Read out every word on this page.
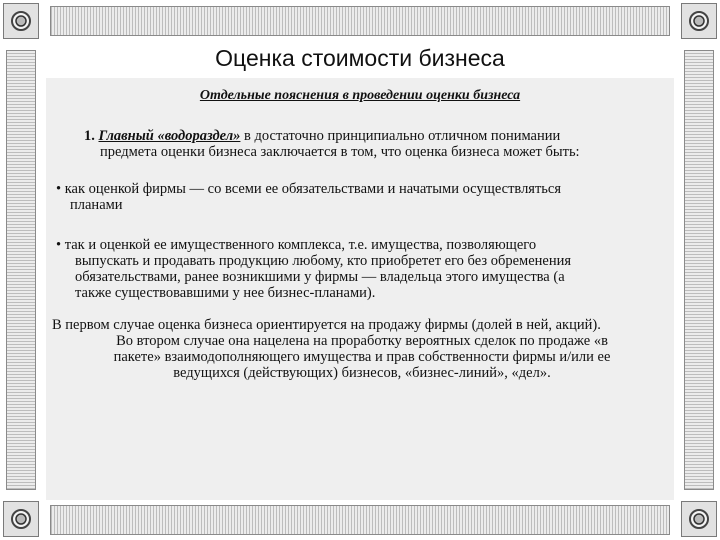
Оценка стоимости бизнеса
Отдельные пояснения в проведении оценки бизнеса
1. Главный «водораздел» в достаточно принципиально отличном понимании
предмета оценки бизнеса заключается в том, что оценка бизнеса может быть:
• как оценкой фирмы — со всеми ее обязательствами и начатыми осуществляться
планами
• так и оценкой ее имущественного комплекса, т.е. имущества, позволяющего
выпускать и продавать продукцию любому, кто приобретет его без обременения
обязательствами, ранее возникшими у фирмы — владельца этого имущества (а
также существовавшими у нее бизнес-планами).
В первом случае оценка бизнеса ориентируется на продажу фирмы (долей в ней, акций).
Во втором случае она нацелена на проработку вероятных сделок по продаже «в
пакете» взаимодополняющего имущества и прав собственности фирмы и/или ее
ведущихся (действующих) бизнесов, «бизнес-линий», «дел».
